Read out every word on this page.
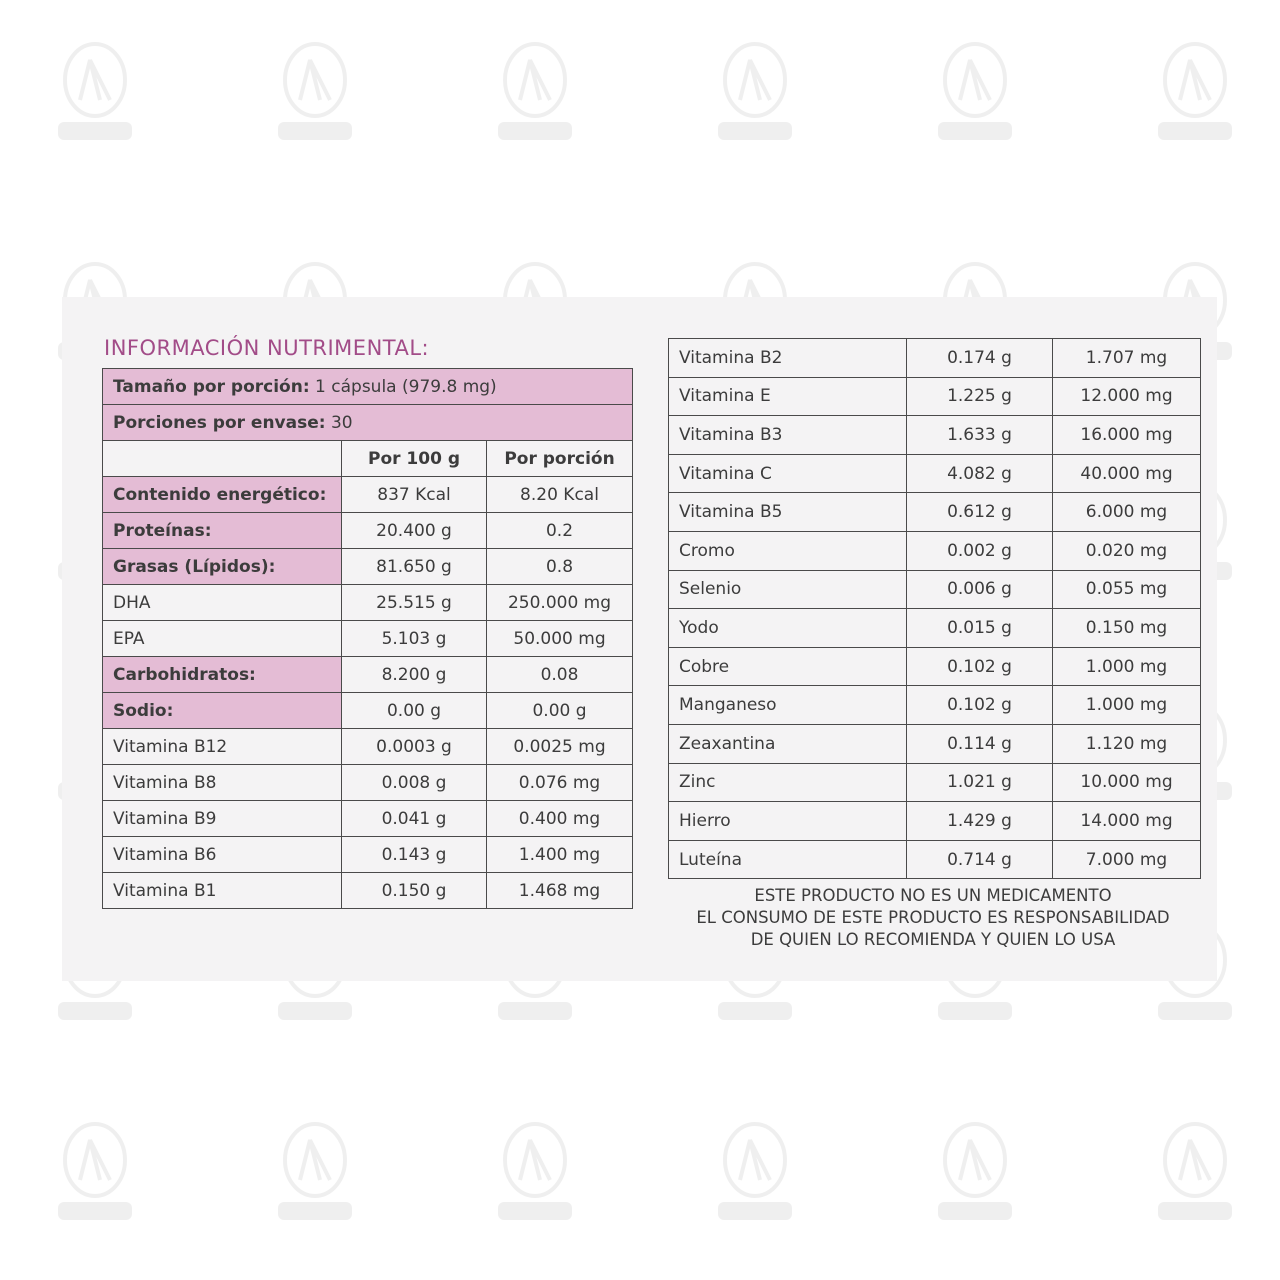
INFORMACIÓN NUTRIMENTAL:
Tamaño por porción: 1 cápsula (979.8 mg)		
Porciones por envase: 30		
	Por 100 g	Por porción
Contenido energético:	837 Kcal	8.20 Kcal
Proteínas:	20.400 g	0.2
Grasas (Lípidos):	81.650 g	0.8
DHA	25.515 g	250.000 mg
EPA	5.103 g	50.000 mg
Carbohidratos:	8.200 g	0.08
Sodio:	0.00 g	0.00 g
Vitamina B12	0.0003 g	0.0025 mg
Vitamina B8	0.008 g	0.076 mg
Vitamina B9	0.041 g	0.400 mg
Vitamina B6	0.143 g	1.400 mg
Vitamina B1	0.150 g	1.468 mg
Vitamina B2	0.174 g	1.707 mg
Vitamina E	1.225 g	12.000 mg
Vitamina B3	1.633 g	16.000 mg
Vitamina C	4.082 g	40.000 mg
Vitamina B5	0.612 g	6.000 mg
Cromo	0.002 g	0.020 mg
Selenio	0.006 g	0.055 mg
Yodo	0.015 g	0.150 mg
Cobre	0.102 g	1.000 mg
Manganeso	0.102 g	1.000 mg
Zeaxantina	0.114 g	1.120 mg
Zinc	1.021 g	10.000 mg
Hierro	1.429 g	14.000 mg
Luteína	0.714 g	7.000 mg
ESTE PRODUCTO NO ES UN MEDICAMENTO
EL CONSUMO DE ESTE PRODUCTO ES RESPONSABILIDAD
DE QUIEN LO RECOMIENDA Y QUIEN LO USA
